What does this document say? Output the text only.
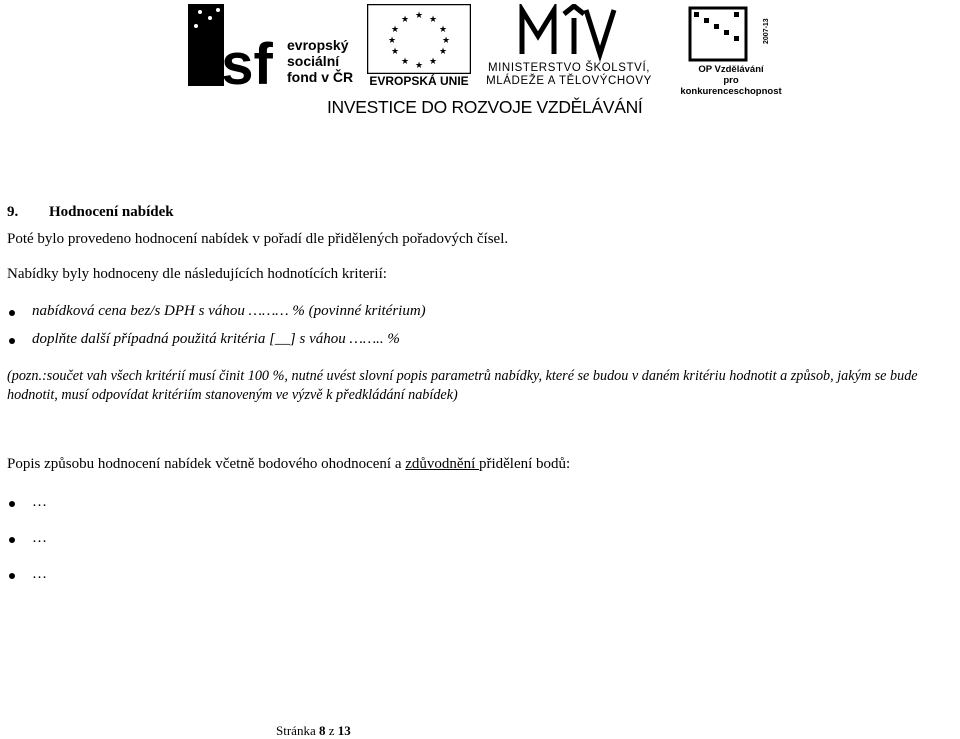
esf evropský
sociální
fond v ČR
★ ★
★
★
★
★
★
★
★
★
★
★
EVROPSKÁ UNIE
MINISTERSTVO ŠKOLSTVÍ,
MLÁDEŽE A TĚLOVÝCHOVY
2007-13
OP Vzdělávání
pro konkurenceschopnost
INVESTICE DO ROZVOJE VZDĚLÁVÁNÍ
9. Hodnocení nabídek
Poté bylo provedeno hodnocení nabídek v pořadí dle přidělených pořadových čísel.
Nabídky byly hodnoceny dle následujících hodnotících kriterií:
nabídková cena bez/s DPH s váhou ……… % (povinné kritérium)
doplňte další případná použitá kritéria [__] s váhou …….. %
(pozn.:součet vah všech kritérií musí činit 100 %, nutné uvést slovní popis parametrů nabídky, které se budou v daném kritériu hodnotit a způsob, jakým se bude hodnotit, musí odpovídat kritériím stanoveným ve výzvě k předkládání nabídek)
Popis způsobu hodnocení nabídek včetně bodového ohodnocení a zdůvodnění přidělení bodů:
…
…
…
Stránka 8 z 13
